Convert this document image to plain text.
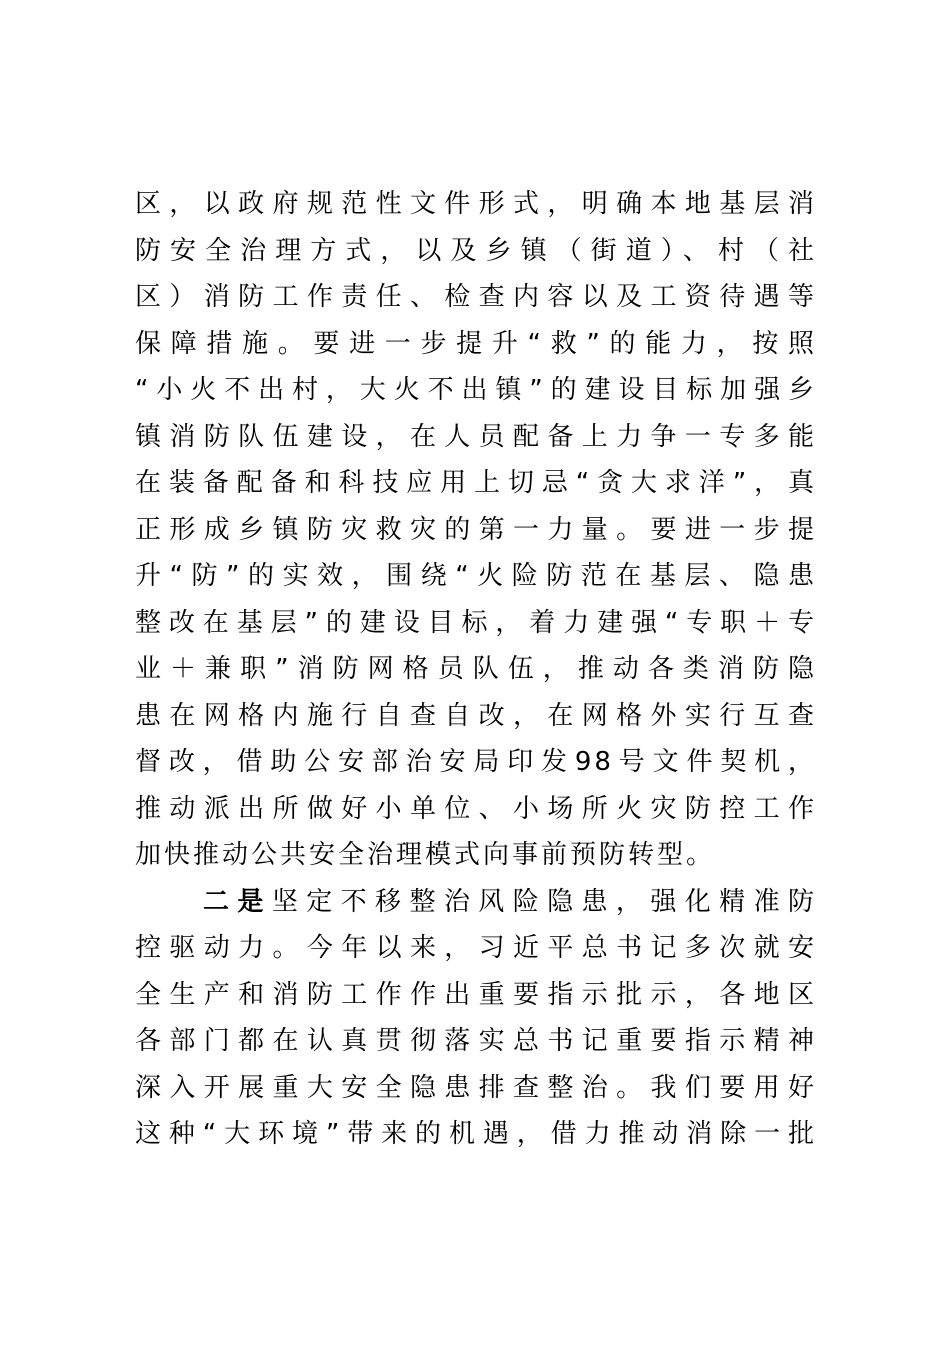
区，以政府规范性文件形式，明确本地基层消
防安全治理方式，以及乡镇（街道）、村（社
区）消防工作责任、检查内容以及工资待遇等
保障措施。要进一步提升“救”的能力，按照
“小火不出村，大火不出镇”的建设目标加强乡
镇消防队伍建设，在人员配备上力争一专多能
在装备配备和科技应用上切忌“贪大求洋”，真
正形成乡镇防灾救灾的第一力量。要进一步提
升“防”的实效，围绕“火险防范在基层、隐患
整改在基层”的建设目标，着力建强“专职＋专
业＋兼职”消防网格员队伍，推动各类消防隐
患在网格内施行自查自改，在网格外实行互查
督改，借助公安部治安局印发98号文件契机，
推动派出所做好小单位、小场所火灾防控工作
加快推动公共安全治理模式向事前预防转型。
二是坚定不移整治风险隐患，强化精准防
控驱动力。今年以来，习近平总书记多次就安
全生产和消防工作作出重要指示批示，各地区
各部门都在认真贯彻落实总书记重要指示精神
深入开展重大安全隐患排查整治。我们要用好
这种“大环境”带来的机遇，借力推动消除一批
